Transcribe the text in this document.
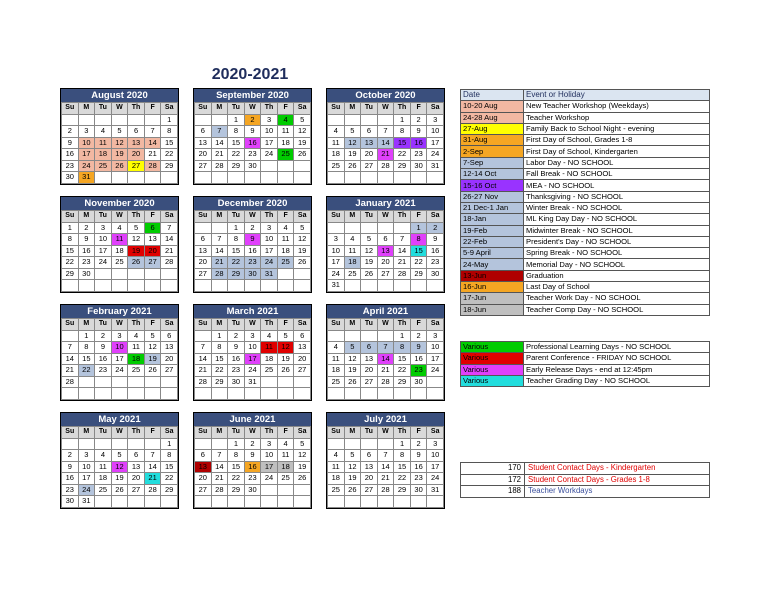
2020-2021
August 2020
Su	M	Tu	W	Th	F	Sa
						1
2	3	4	5	6	7	8
9	10	11	12	13	14	15
16	17	18	19	20	21	22
23	24	25	26	27	28	29
30	31					
September 2020
Su	M	Tu	W	Th	F	Sa
		1	2	3	4	5
6	7	8	9	10	11	12
13	14	15	16	17	18	19
20	21	22	23	24	25	26
27	28	29	30			

October 2020
Su	M	Tu	W	Th	F	Sa
				1	2	3
4	5	6	7	8	9	10
11	12	13	14	15	16	17
18	19	20	21	22	23	24
25	26	27	28	29	30	31

November 2020
Su	M	Tu	W	Th	F	Sa
1	2	3	4	5	6	7
8	9	10	11	12	13	14
15	16	17	18	19	20	21
22	23	24	25	26	27	28
29	30					

December 2020
Su	M	Tu	W	Th	F	Sa
		1	2	3	4	5
6	7	8	9	10	11	12
13	14	15	16	17	18	19
20	21	22	23	24	25	26
27	28	29	30	31		

January 2021
Su	M	Tu	W	Th	F	Sa
					1	2
3	4	5	6	7	8	9
10	11	12	13	14	15	16
17	18	19	20	21	22	23
24	25	26	27	28	29	30
31						
February 2021
Su	M	Tu	W	Th	F	Sa
	1	2	3	4	5	6
7	8	9	10	11	12	13
14	15	16	17	18	19	20
21	22	23	24	25	26	27
28						

March 2021
Su	M	Tu	W	Th	F	Sa
	1	2	3	4	5	6
7	8	9	10	11	12	13
14	15	16	17	18	19	20
21	22	23	24	25	26	27
28	29	30	31			

April 2021
Su	M	Tu	W	Th	F	Sa
				1	2	3
4	5	6	7	8	9	10
11	12	13	14	15	16	17
18	19	20	21	22	23	24
25	26	27	28	29	30	

May 2021
Su	M	Tu	W	Th	F	Sa
						1
2	3	4	5	6	7	8
9	10	11	12	13	14	15
16	17	18	19	20	21	22
23	24	25	26	27	28	29
30	31					
June 2021
Su	M	Tu	W	Th	F	Sa
		1	2	3	4	5
6	7	8	9	10	11	12
13	14	15	16	17	18	19
20	21	22	23	24	25	26
27	28	29	30			

July 2021
Su	M	Tu	W	Th	F	Sa
				1	2	3
4	5	6	7	8	9	10
11	12	13	14	15	16	17
18	19	20	21	22	23	24
25	26	27	28	29	30	31

Date	Event or Holiday
10-20 Aug	New Teacher Workshop (Weekdays)
24-28 Aug	Teacher Workshop
27-Aug	Family Back to School Night - evening
31-Aug	First Day of School, Grades 1-8
2-Sep	First Day of School, Kindergarten
7-Sep	Labor Day - NO SCHOOL
12-14 Oct	Fall Break - NO SCHOOL
15-16 Oct	MEA - NO SCHOOL
26-27 Nov	Thanksgiving - NO SCHOOL
21 Dec-1 Jan	Winter Break - NO SCHOOL
18-Jan	ML King Day Day - NO SCHOOL
19-Feb	Midwinter Break - NO SCHOOL
22-Feb	President's Day - NO SCHOOL
5-9 April	Spring Break - NO SCHOOL
24-May	Memorial Day - NO SCHOOL
13-Jun	Graduation
16-Jun	Last Day of School
17-Jun	Teacher Work Day - NO SCHOOL
18-Jun	Teacher Comp Day - NO SCHOOL
Various	Professional Learning Days - NO SCHOOL
Various	Parent Conference - FRIDAY NO SCHOOL
Various	Early Release Days - end at 12:45pm
Various	Teacher Grading Day - NO SCHOOL
170	Student Contact Days - Kindergarten
172	Student Contact Days - Grades 1-8
188	Teacher Workdays
